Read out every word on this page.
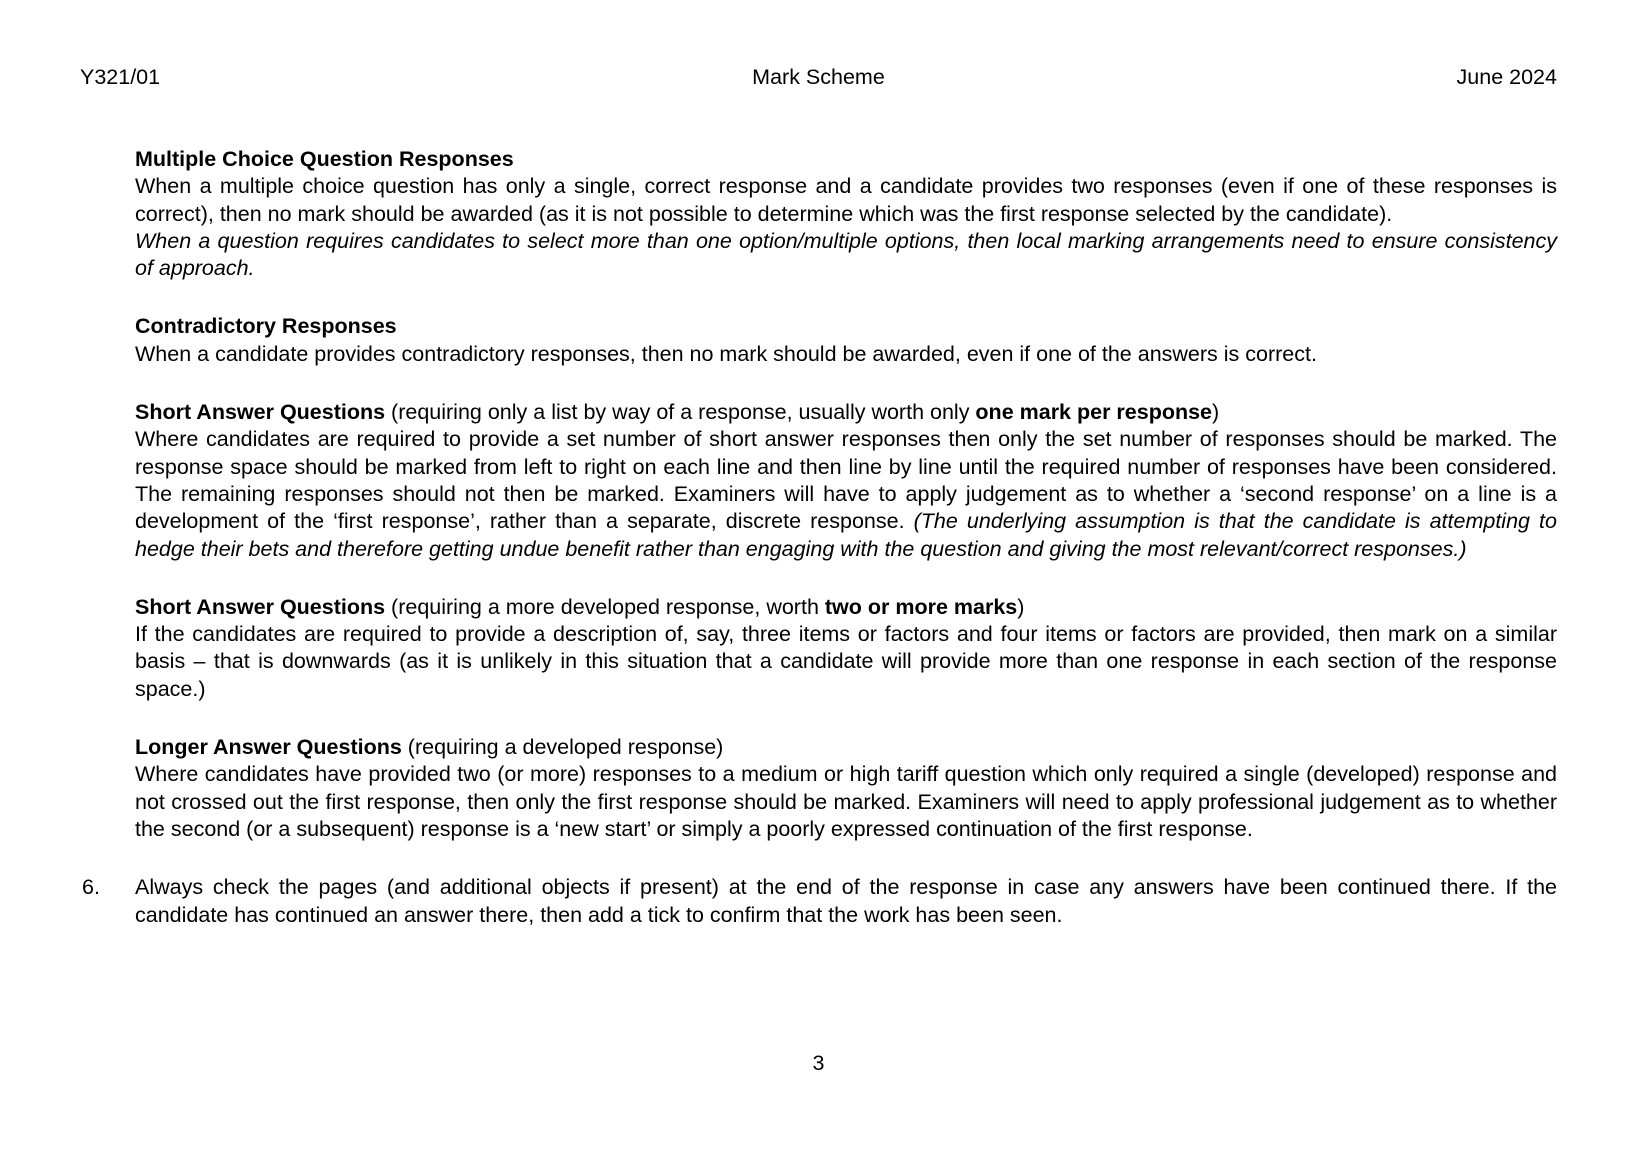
Y321/01	Mark Scheme	June 2024

Multiple Choice Question Responses

When a multiple choice question has only a single, correct response and a candidate provides two responses (even if one of these responses is correct), then no mark should be awarded (as it is not possible to determine which was the first response selected by the candidate).

When a question requires candidates to select more than one option/multiple options, then local marking arrangements need to ensure consistency of approach.

Contradictory Responses

When a candidate provides contradictory responses, then no mark should be awarded, even if one of the answers is correct.

Short Answer Questions (requiring only a list by way of a response, usually worth only one mark per response)

Where candidates are required to provide a set number of short answer responses then only the set number of responses should be marked. The response space should be marked from left to right on each line and then line by line until the required number of responses have been considered. The remaining responses should not then be marked. Examiners will have to apply judgement as to whether a ‘second response’ on a line is a development of the ‘first response’, rather than a separate, discrete response. (The underlying assumption is that the candidate is attempting to hedge their bets and therefore getting undue benefit rather than engaging with the question and giving the most relevant/correct responses.)

Short Answer Questions (requiring a more developed response, worth two or more marks)

If the candidates are required to provide a description of, say, three items or factors and four items or factors are provided, then mark on a similar basis – that is downwards (as it is unlikely in this situation that a candidate will provide more than one response in each section of the response space.)

Longer Answer Questions (requiring a developed response)

Where candidates have provided two (or more) responses to a medium or high tariff question which only required a single (developed) response and not crossed out the first response, then only the first response should be marked. Examiners will need to apply professional judgement as to whether the second (or a subsequent) response is a ‘new start’ or simply a poorly expressed continuation of the first response.

6.	Always check the pages (and additional objects if present) at the end of the response in case any answers have been continued there. If the candidate has continued an answer there, then add a tick to confirm that the work has been seen.

3
